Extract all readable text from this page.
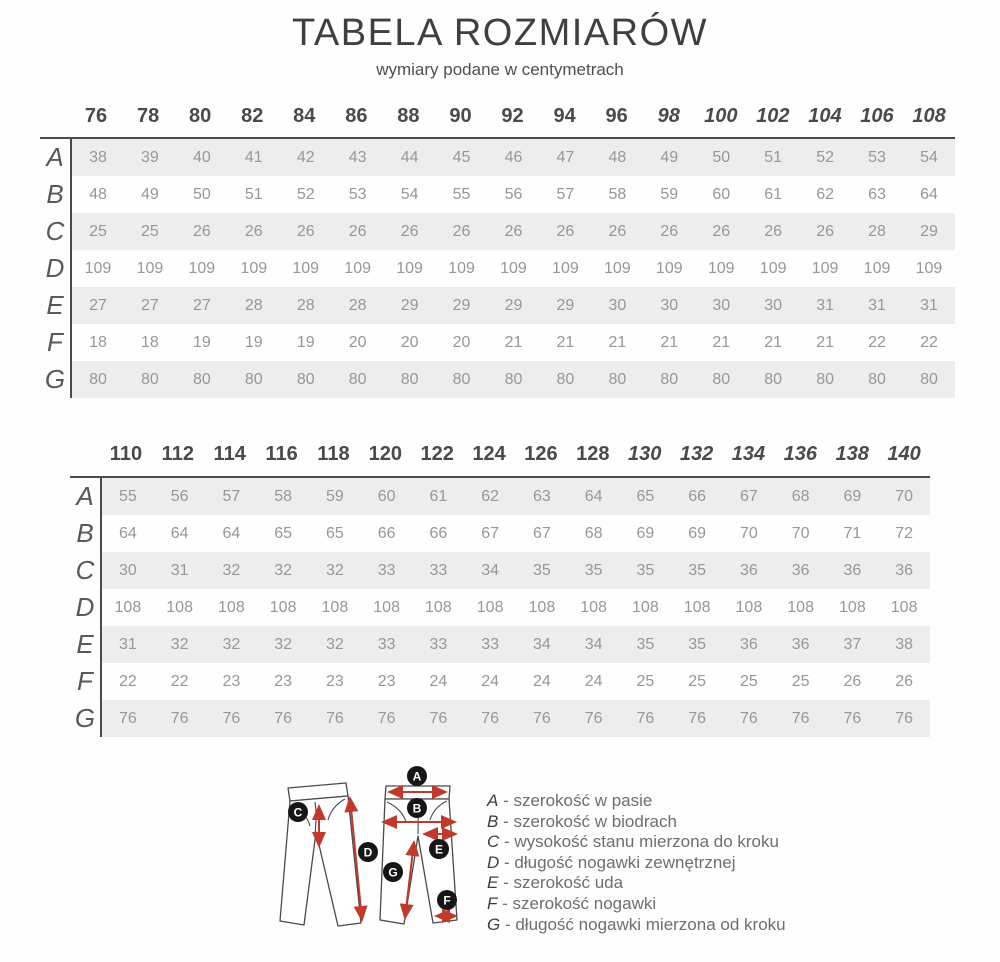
TABELA ROZMIARÓW
wymiary podane w centymetrach
76	78	80	82	84	86	88	90	92	94	96	98	100 102 104 106 108
A	38	39	40	41	42	43	44	45	46	47	48	49	50	51	52	53	54
B	48	49	50	51	52	53	54	55	56	57	58	59	60	61	62	63	64
C	25	25	26	26	26	26	26	26	26	26	26	26	26	26	26	28	29
D	109	109	109	109	109	109	109	109	109	109	109	109	109	109	109	109	109
E	27	27	27	28	28	28	29	29	29	29	30	30	30	30	31	31	31
F	18	18	19	19	19	20	20	20	21	21	21	21	21	21	21	22	22
G	80	80	80	80	80	80	80	80	80	80	80	80	80	80	80	80	80
110 112 114 116 118 120 122 124 126 128 130 132 134 136 138 140
A	55	56	57	58	59	60	61	62	63	64	65	66	67	68	69	70
B	64	64	64	65	65	66	66	67	67	68	69	69	70	70	71	72
C	30	31	32	32	32	33	33	34	35	35	35	35	36	36	36	36
D	108	108	108	108	108	108	108	108	108	108	108	108	108	108	108	108
E	31	32	32	32	32	33	33	33	34	34	35	35	36	36	37	38
F	22	22	23	23	23	23	24	24	24	24	25	25	25	25	26	26
G	76	76	76	76	76	76	76	76	76	76	76	76	76	76	76	76
C
D
A
B
E
G
F
A - szerokość w pasie
B - szerokość w biodrach
C - wysokość stanu mierzona do kroku
D - długość nogawki zewnętrznej
E - szerokość uda
F - szerokość nogawki
G - długość nogawki mierzona od kroku
